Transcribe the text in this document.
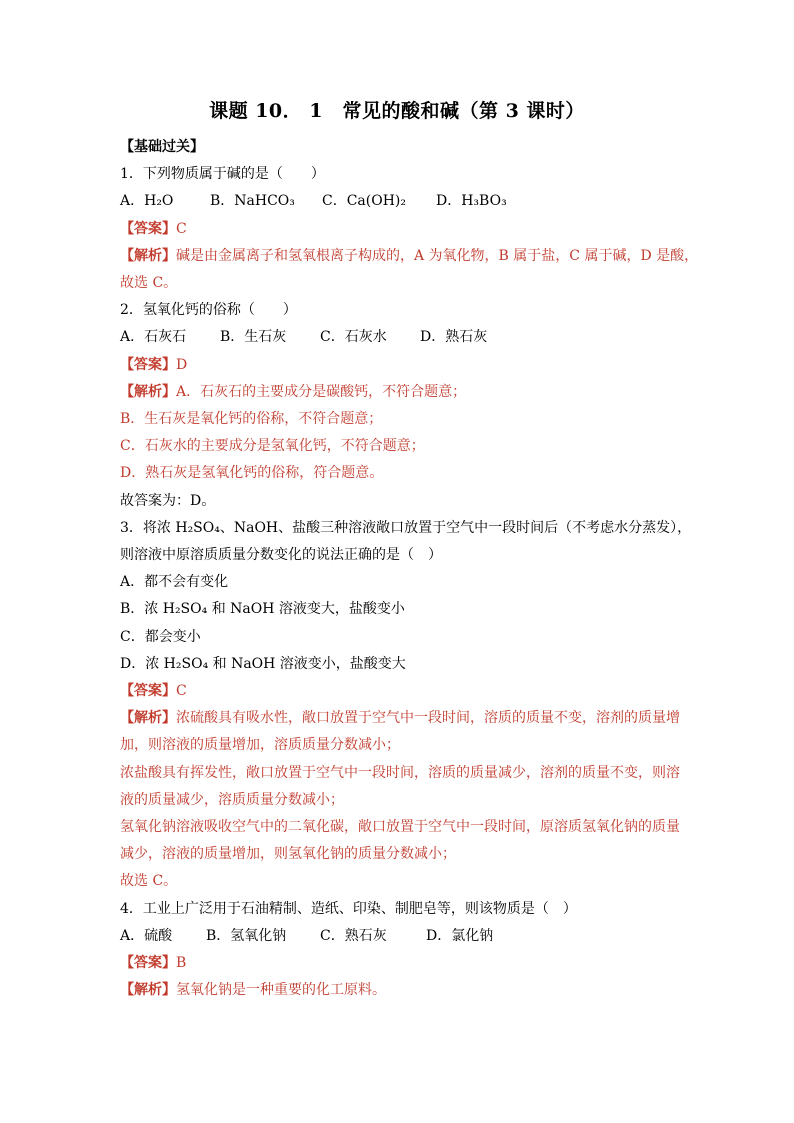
课题 10． 1　常见的酸和碱（第 3 课时）
【基础过关】
1．下列物质属于碱的是（　　）
A．H₂O	B．NaHCO₃ C．Ca(OH)₂ D．H₃BO₃
【答案】C
【解析】碱是由金属离子和氢氧根离子构成的，A 为氧化物，B 属于盐，C 属于碱，D 是酸，
故选 C。
2．氢氧化钙的俗称（　　）
A．石灰石 B．生石灰 C．石灰水 D．熟石灰
【答案】D
【解析】A．石灰石的主要成分是碳酸钙，不符合题意；
B．生石灰是氧化钙的俗称，不符合题意；
C．石灰水的主要成分是氢氧化钙，不符合题意；
D．熟石灰是氢氧化钙的俗称，符合题意。
故答案为：D。
3．将浓 H₂SO₄、NaOH、盐酸三种溶液敞口放置于空气中一段时间后（不考虑水分蒸发），
则溶液中原溶质质量分数变化的说法正确的是（　）
A．都不会有变化
B．浓 H₂SO₄ 和 NaOH 溶液变大，盐酸变小
C．都会变小
D．浓 H₂SO₄ 和 NaOH 溶液变小，盐酸变大
【答案】C
【解析】浓硫酸具有吸水性，敞口放置于空气中一段时间，溶质的质量不变，溶剂的质量增
加，则溶液的质量增加，溶质质量分数减小；
浓盐酸具有挥发性，敞口放置于空气中一段时间，溶质的质量减少，溶剂的质量不变，则溶
液的质量减少，溶质质量分数减小；
氢氧化钠溶液吸收空气中的二氧化碳，敞口放置于空气中一段时间，原溶质氢氧化钠的质量
减少，溶液的质量增加，则氢氧化钠的质量分数减小；
故选 C。
4．工业上广泛用于石油精制、造纸、印染、制肥皂等，则该物质是（　）
A．硫酸 B．氢氧化钠 C．熟石灰	D．氯化钠
【答案】B
【解析】氢氧化钠是一种重要的化工原料。
